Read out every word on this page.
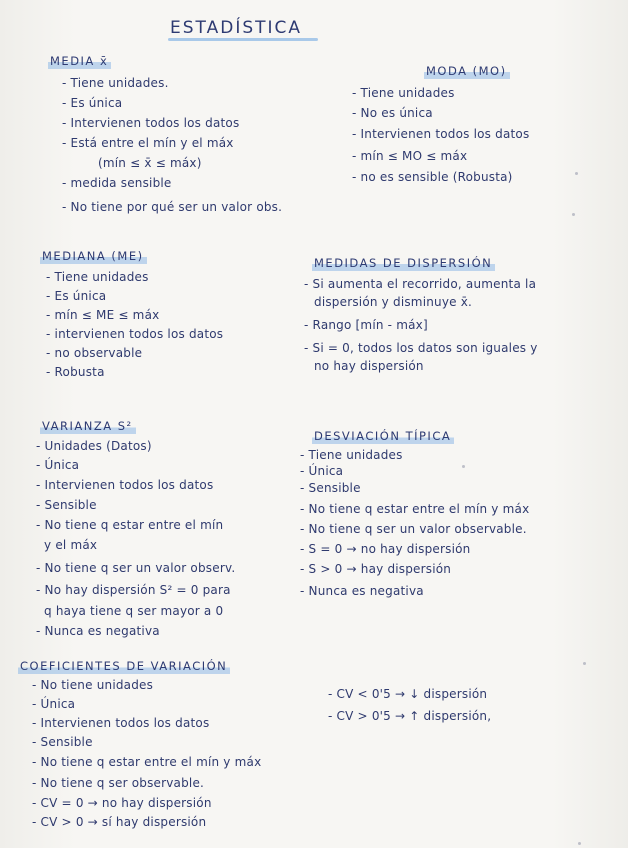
ESTADÍSTICA
MEDIA x̄
- Tiene unidades.
- Es única
- Intervienen todos los datos
- Está entre el mín y el máx
(mín ≤ x̄ ≤ máx)
- medida sensible
- No tiene por qué ser un valor obs.
MODA (MO)
- Tiene unidades
- No es única
- Intervienen todos los datos
- mín ≤ MO ≤ máx
- no es sensible (Robusta)
MEDIANA (ME)
- Tiene unidades
- Es única
- mín ≤ ME ≤ máx
- intervienen todos los datos
- no observable
- Robusta
MEDIDAS DE DISPERSIÓN
- Si aumenta el recorrido, aumenta la
dispersión y disminuye x̄.
- Rango [mín - máx]
- Si = 0, todos los datos son iguales y
no hay dispersión
VARIANZA S²
- Unidades (Datos)
- Única
- Intervienen todos los datos
- Sensible
- No tiene q estar entre el mín
y el máx
- No tiene q ser un valor observ.
- No hay dispersión S² = 0 para
q haya tiene q ser mayor a 0
- Nunca es negativa
DESVIACIÓN TÍPICA
- Tiene unidades
- Única
- Sensible
- No tiene q estar entre el mín y máx
- No tiene q ser un valor observable.
- S = 0 → no hay dispersión
- S > 0 → hay dispersión
- Nunca es negativa
COEFICIENTES DE VARIACIÓN
- No tiene unidades
- Única
- Intervienen todos los datos
- Sensible
- No tiene q estar entre el mín y máx
- No tiene q ser observable.
- CV = 0 → no hay dispersión
- CV > 0 → sí hay dispersión
- CV < 0'5 → ↓ dispersión
- CV > 0'5 → ↑ dispersión,
